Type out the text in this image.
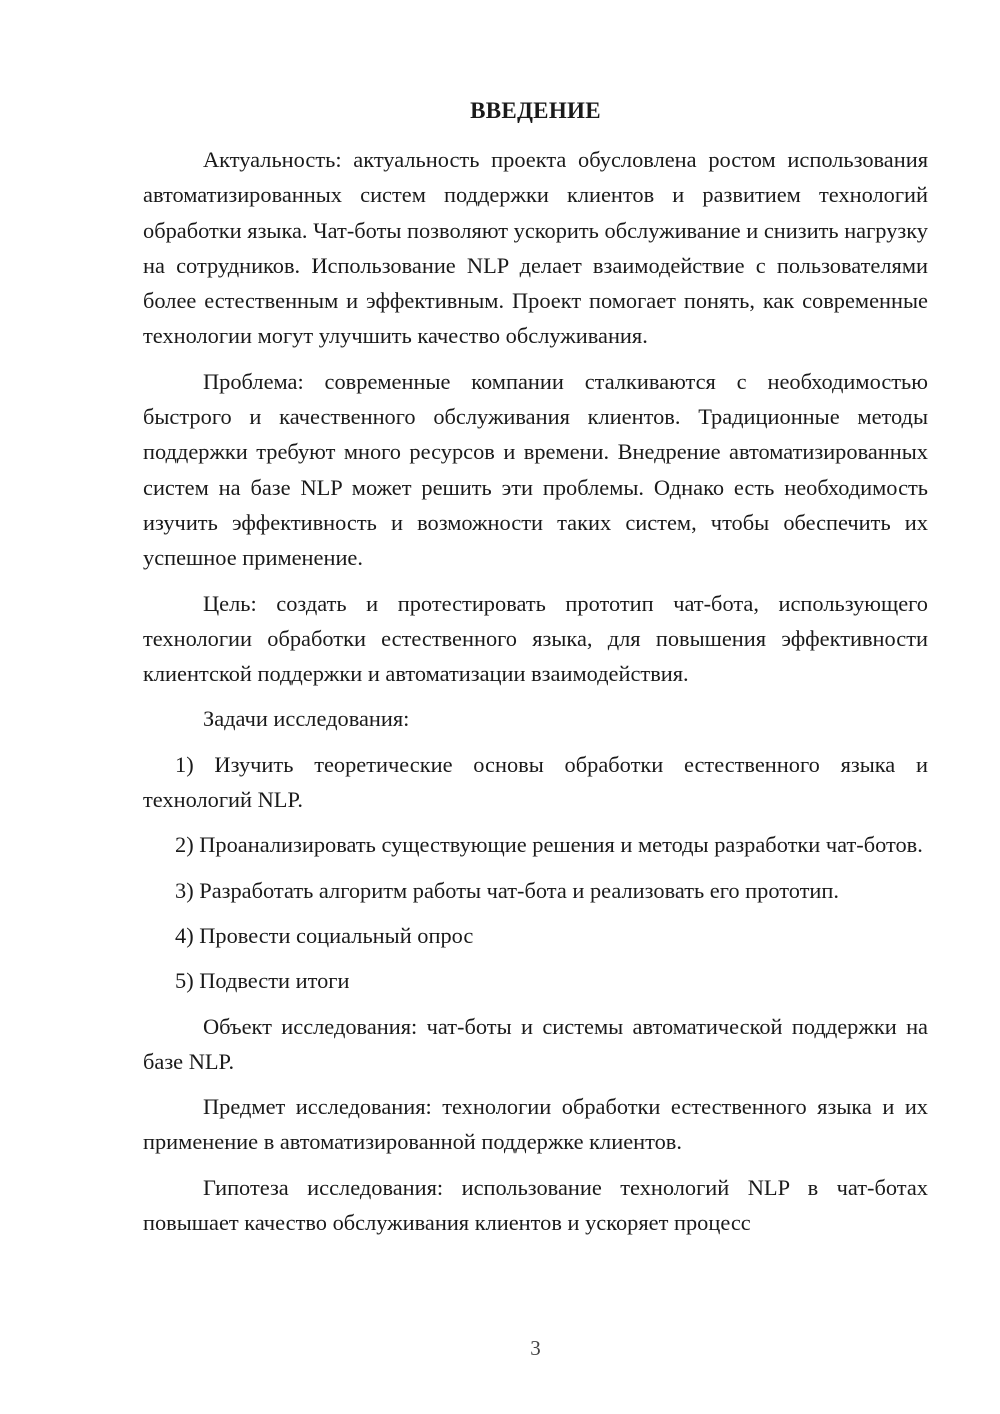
ВВЕДЕНИЕ

Актуальность: актуальность проекта обусловлена ростом использования автоматизированных систем поддержки клиентов и развитием технологий обработки языка. Чат-боты позволяют ускорить обслуживание и снизить нагрузку на сотрудников. Использование NLP делает взаимодействие с пользователями более естественным и эффективным. Проект помогает понять, как современные технологии могут улучшить качество обслуживания.

Проблема: современные компании сталкиваются с необходимостью быстрого и качественного обслуживания клиентов. Традиционные методы поддержки требуют много ресурсов и времени. Внедрение автоматизированных систем на базе NLP может решить эти проблемы. Однако есть необходимость изучить эффективность и возможности таких систем, чтобы обеспечить их успешное применение.

Цель: создать и протестировать прототип чат-бота, использующего технологии обработки естественного языка, для повышения эффективности клиентской поддержки и автоматизации взаимодействия.

Задачи исследования:

1) Изучить теоретические основы обработки естественного языка и технологий NLP.

2) Проанализировать существующие решения и методы разработки чат-ботов.

3) Разработать алгоритм работы чат-бота и реализовать его прототип.

4) Провести социальный опрос

5) Подвести итоги

Объект исследования: чат-боты и системы автоматической поддержки на базе NLP.

Предмет исследования: технологии обработки естественного языка и их применение в автоматизированной поддержке клиентов.

Гипотеза исследования: использование технологий NLP в чат-ботах повышает качество обслуживания клиентов и ускоряет процесс

3
